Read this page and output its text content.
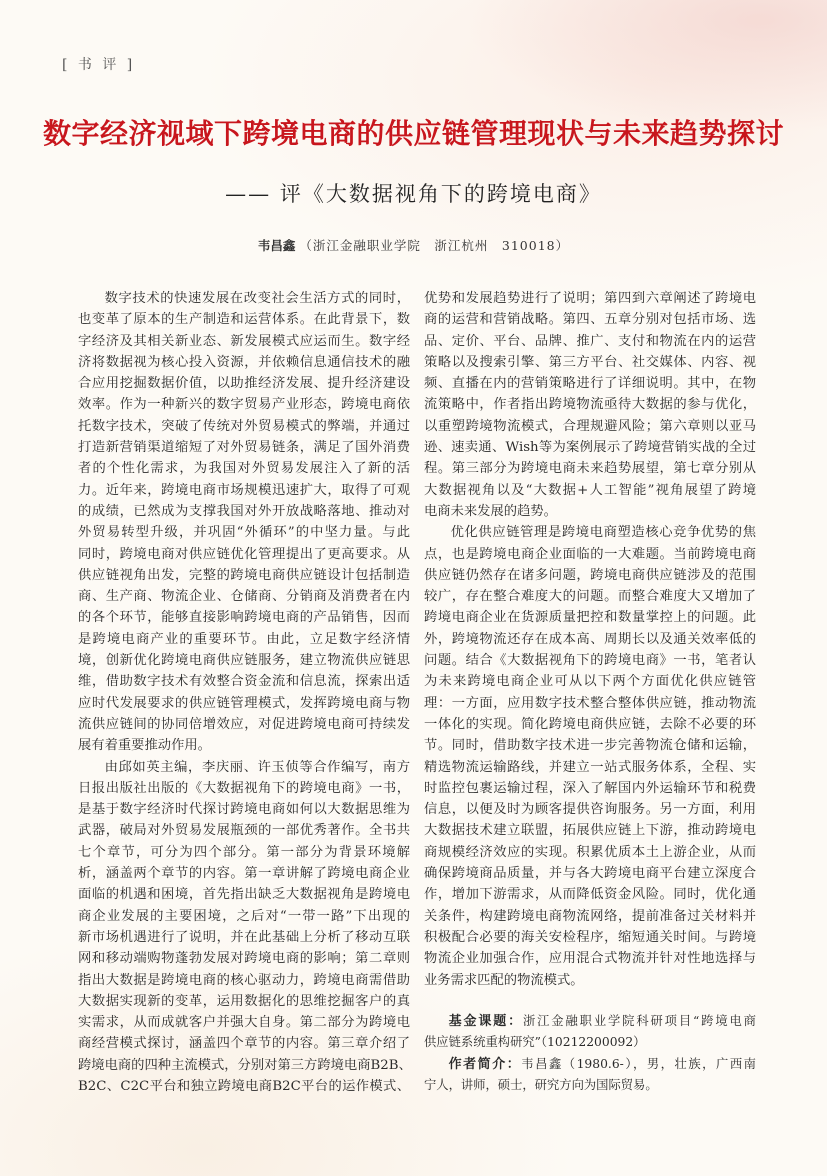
[ 书 评 ]
数字经济视域下跨境电商的供应链管理现状与未来趋势探讨
—— 评《大数据视角下的跨境电商》
韦昌鑫 （浙江金融职业学院　浙江杭州　310018）
数字技术的快速发展在改变社会生活方式的同时，
也变革了原本的生产制造和运营体系。在此背景下，数
字经济及其相关新业态、新发展模式应运而生。数字经
济将数据视为核心投入资源，并依赖信息通信技术的融
合应用挖掘数据价值，以助推经济发展、提升经济建设
效率。作为一种新兴的数字贸易产业形态，跨境电商依
托数字技术，突破了传统对外贸易模式的弊端，并通过
打造新营销渠道缩短了对外贸易链条，满足了国外消费
者的个性化需求，为我国对外贸易发展注入了新的活
力。近年来，跨境电商市场规模迅速扩大，取得了可观
的成绩，已然成为支撑我国对外开放战略落地、推动对
外贸易转型升级，并巩固“外循环”的中坚力量。与此
同时，跨境电商对供应链优化管理提出了更高要求。从
供应链视角出发，完整的跨境电商供应链设计包括制造
商、生产商、物流企业、仓储商、分销商及消费者在内
的各个环节，能够直接影响跨境电商的产品销售，因而
是跨境电商产业的重要环节。由此，立足数字经济情
境，创新优化跨境电商供应链服务，建立物流供应链思
维，借助数字技术有效整合资金流和信息流，探索出适
应时代发展要求的供应链管理模式，发挥跨境电商与物
流供应链间的协同倍增效应，对促进跨境电商可持续发
展有着重要推动作用。
由邱如英主编，李庆丽、许玉侦等合作编写，南方
日报出版社出版的《大数据视角下的跨境电商》一书，
是基于数字经济时代探讨跨境电商如何以大数据思维为
武器，破局对外贸易发展瓶颈的一部优秀著作。全书共
七个章节，可分为四个部分。第一部分为背景环境解
析，涵盖两个章节的内容。第一章讲解了跨境电商企业
面临的机遇和困境，首先指出缺乏大数据视角是跨境电
商企业发展的主要困境，之后对“一带一路”下出现的
新市场机遇进行了说明，并在此基础上分析了移动互联
网和移动端购物蓬勃发展对跨境电商的影响；第二章则
指出大数据是跨境电商的核心驱动力，跨境电商需借助
大数据实现新的变革，运用数据化的思维挖掘客户的真
实需求，从而成就客户并强大自身。第二部分为跨境电
商经营模式探讨，涵盖四个章节的内容。第三章介绍了
跨境电商的四种主流模式，分别对第三方跨境电商B2B、
B2C、C2C平台和独立跨境电商B2C平台的运作模式、
优势和发展趋势进行了说明；第四到六章阐述了跨境电
商的运营和营销战略。第四、五章分别对包括市场、选
品、定价、平台、品牌、推广、支付和物流在内的运营
策略以及搜索引擎、第三方平台、社交媒体、内容、视
频、直播在内的营销策略进行了详细说明。其中，在物
流策略中，作者指出跨境物流亟待大数据的参与优化，
以重塑跨境物流模式，合理规避风险；第六章则以亚马
逊、速卖通、Wish等为案例展示了跨境营销实战的全过
程。第三部分为跨境电商未来趋势展望，第七章分别从
大数据视角以及“大数据+人工智能”视角展望了跨境
电商未来发展的趋势。
优化供应链管理是跨境电商塑造核心竞争优势的焦
点，也是跨境电商企业面临的一大难题。当前跨境电商
供应链仍然存在诸多问题，跨境电商供应链涉及的范围
较广，存在整合难度大的问题。而整合难度大又增加了
跨境电商企业在货源质量把控和数量掌控上的问题。此
外，跨境物流还存在成本高、周期长以及通关效率低的
问题。结合《大数据视角下的跨境电商》一书，笔者认
为未来跨境电商企业可从以下两个方面优化供应链管
理：一方面，应用数字技术整合整体供应链，推动物流
一体化的实现。简化跨境电商供应链，去除不必要的环
节。同时，借助数字技术进一步完善物流仓储和运输，
精选物流运输路线，并建立一站式服务体系，全程、实
时监控包裹运输过程，深入了解国内外运输环节和税费
信息，以便及时为顾客提供咨询服务。另一方面，利用
大数据技术建立联盟，拓展供应链上下游，推动跨境电
商规模经济效应的实现。积累优质本土上游企业，从而
确保跨境商品质量，并与各大跨境电商平台建立深度合
作，增加下游需求，从而降低资金风险。同时，优化通
关条件，构建跨境电商物流网络，提前准备过关材料并
积极配合必要的海关安检程序，缩短通关时间。与跨境
物流企业加强合作，应用混合式物流并针对性地选择与
业务需求匹配的物流模式。
基金课题：浙江金融职业学院科研项目“跨境电商
供应链系统重构研究”（10212200092）
作者简介：韦昌鑫（1980.6-），男，壮族，广西南
宁人，讲师，硕士，研究方向为国际贸易。
